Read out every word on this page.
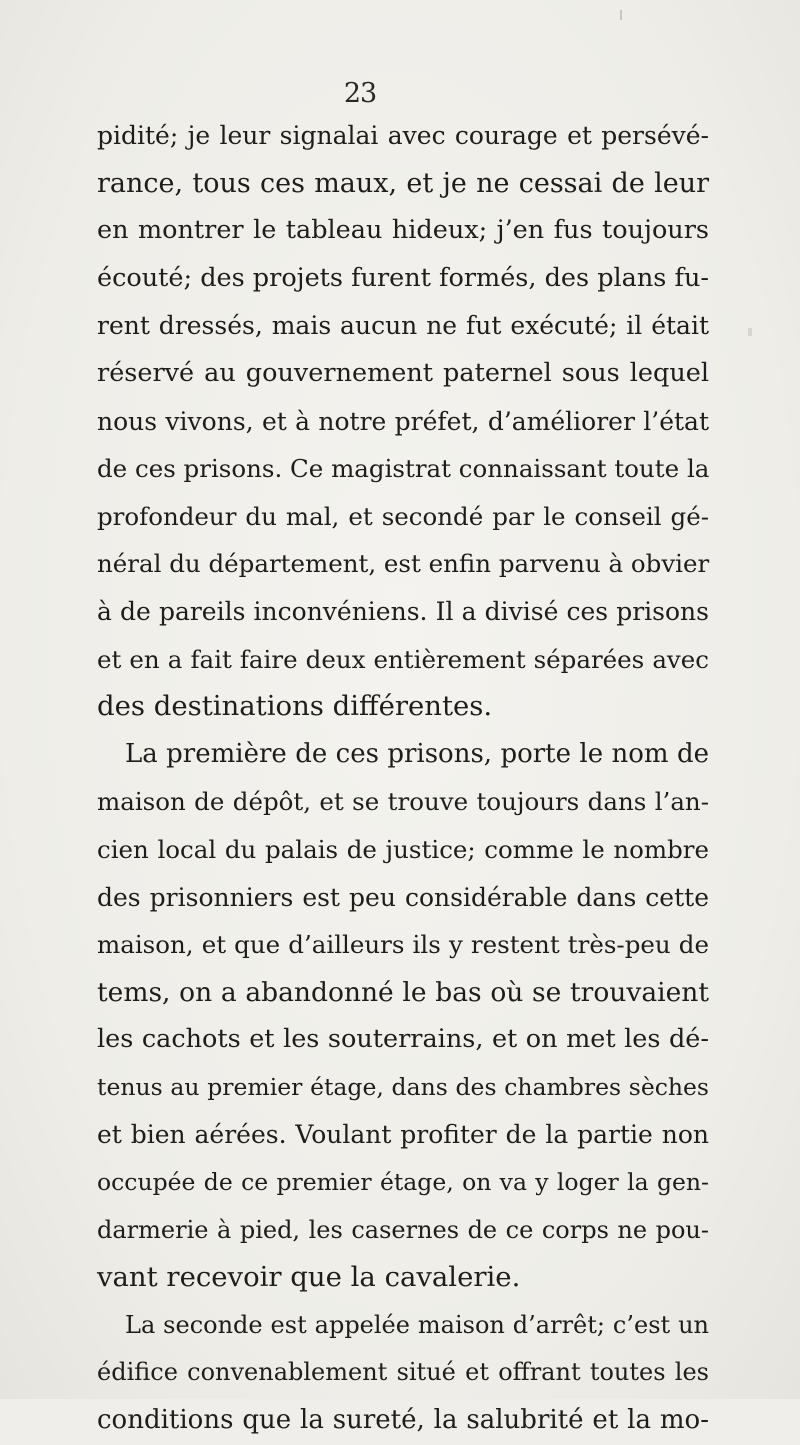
23
pidité; je leur signalai avec courage et persévé-
rance, tous ces maux, et je ne cessai de leur
en montrer le tableau hideux; j’en fus toujours
écouté; des projets furent formés, des plans fu-
rent dressés, mais aucun ne fut exécuté; il était
réservé au gouvernement paternel sous lequel
nous vivons, et à notre préfet, d’améliorer l’état
de ces prisons. Ce magistrat connaissant toute la
profondeur du mal, et secondé par le conseil gé-
néral du département, est enfin parvenu à obvier
à de pareils inconvéniens. Il a divisé ces prisons
et en a fait faire deux entièrement séparées avec
des destinations différentes.
La première de ces prisons, porte le nom de
maison de dépôt, et se trouve toujours dans l’an-
cien local du palais de justice; comme le nombre
des prisonniers est peu considérable dans cette
maison, et que d’ailleurs ils y restent très-peu de
tems, on a abandonné le bas où se trouvaient
les cachots et les souterrains, et on met les dé-
tenus au premier étage, dans des chambres sèches
et bien aérées. Voulant profiter de la partie non
occupée de ce premier étage, on va y loger la gen-
darmerie à pied, les casernes de ce corps ne pou-
vant recevoir que la cavalerie.
La seconde est appelée maison d’arrêt; c’est un
édifice convenablement situé et offrant toutes les
conditions que la sureté, la salubrité et la mo-
